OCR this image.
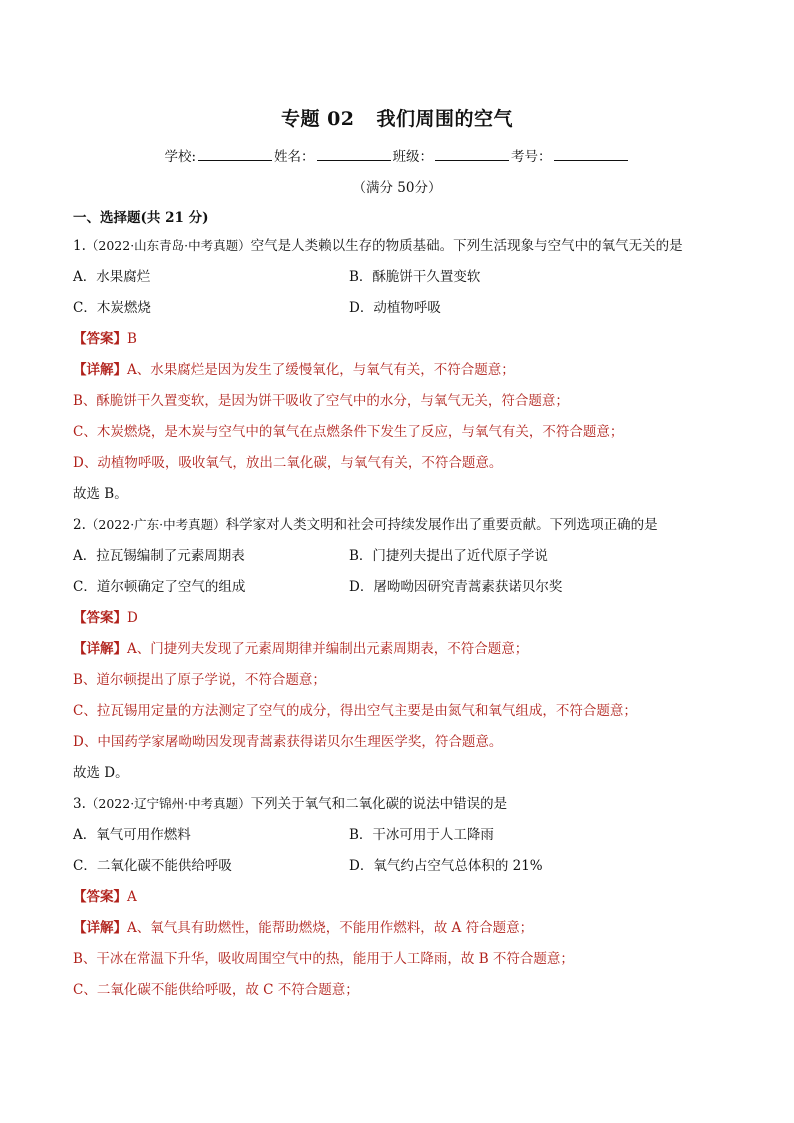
专题 02 我们周围的空气
学校:	姓名：	班级：	考号：
（满分 50分）
一、选择题(共 21 分)
1.（2022·山东青岛·中考真题）空气是人类赖以生存的物质基础。下列生活现象与空气中的氧气无关的是
A．水果腐烂	B．酥脆饼干久置变软
C．木炭燃烧	D．动植物呼吸
【答案】B
【详解】A、水果腐烂是因为发生了缓慢氧化，与氧气有关，不符合题意；
B、酥脆饼干久置变软，是因为饼干吸收了空气中的水分，与氧气无关，符合题意；
C、木炭燃烧，是木炭与空气中的氧气在点燃条件下发生了反应，与氧气有关，不符合题意；
D、动植物呼吸，吸收氧气，放出二氧化碳，与氧气有关，不符合题意。
故选 B。
2.（2022·广东·中考真题）科学家对人类文明和社会可持续发展作出了重要贡献。下列选项正确的是
A．拉瓦锡编制了元素周期表	B．门捷列夫提出了近代原子学说
C．道尔顿确定了空气的组成	D．屠呦呦因研究青蒿素获诺贝尔奖
【答案】D
【详解】A、门捷列夫发现了元素周期律并编制出元素周期表，不符合题意；
B、道尔顿提出了原子学说，不符合题意；
C、拉瓦锡用定量的方法测定了空气的成分，得出空气主要是由氮气和氧气组成，不符合题意；
D、中国药学家屠呦呦因发现青蒿素获得诺贝尔生理医学奖，符合题意。
故选 D。
3.（2022·辽宁锦州·中考真题）下列关于氧气和二氧化碳的说法中错误的是
A．氧气可用作燃料	B．干冰可用于人工降雨
C．二氧化碳不能供给呼吸	D．氧气约占空气总体积的 21%
【答案】A
【详解】A、氧气具有助燃性，能帮助燃烧，不能用作燃料，故 A 符合题意；
B、干冰在常温下升华，吸收周围空气中的热，能用于人工降雨，故 B 不符合题意；
C、二氧化碳不能供给呼吸，故 C 不符合题意；
